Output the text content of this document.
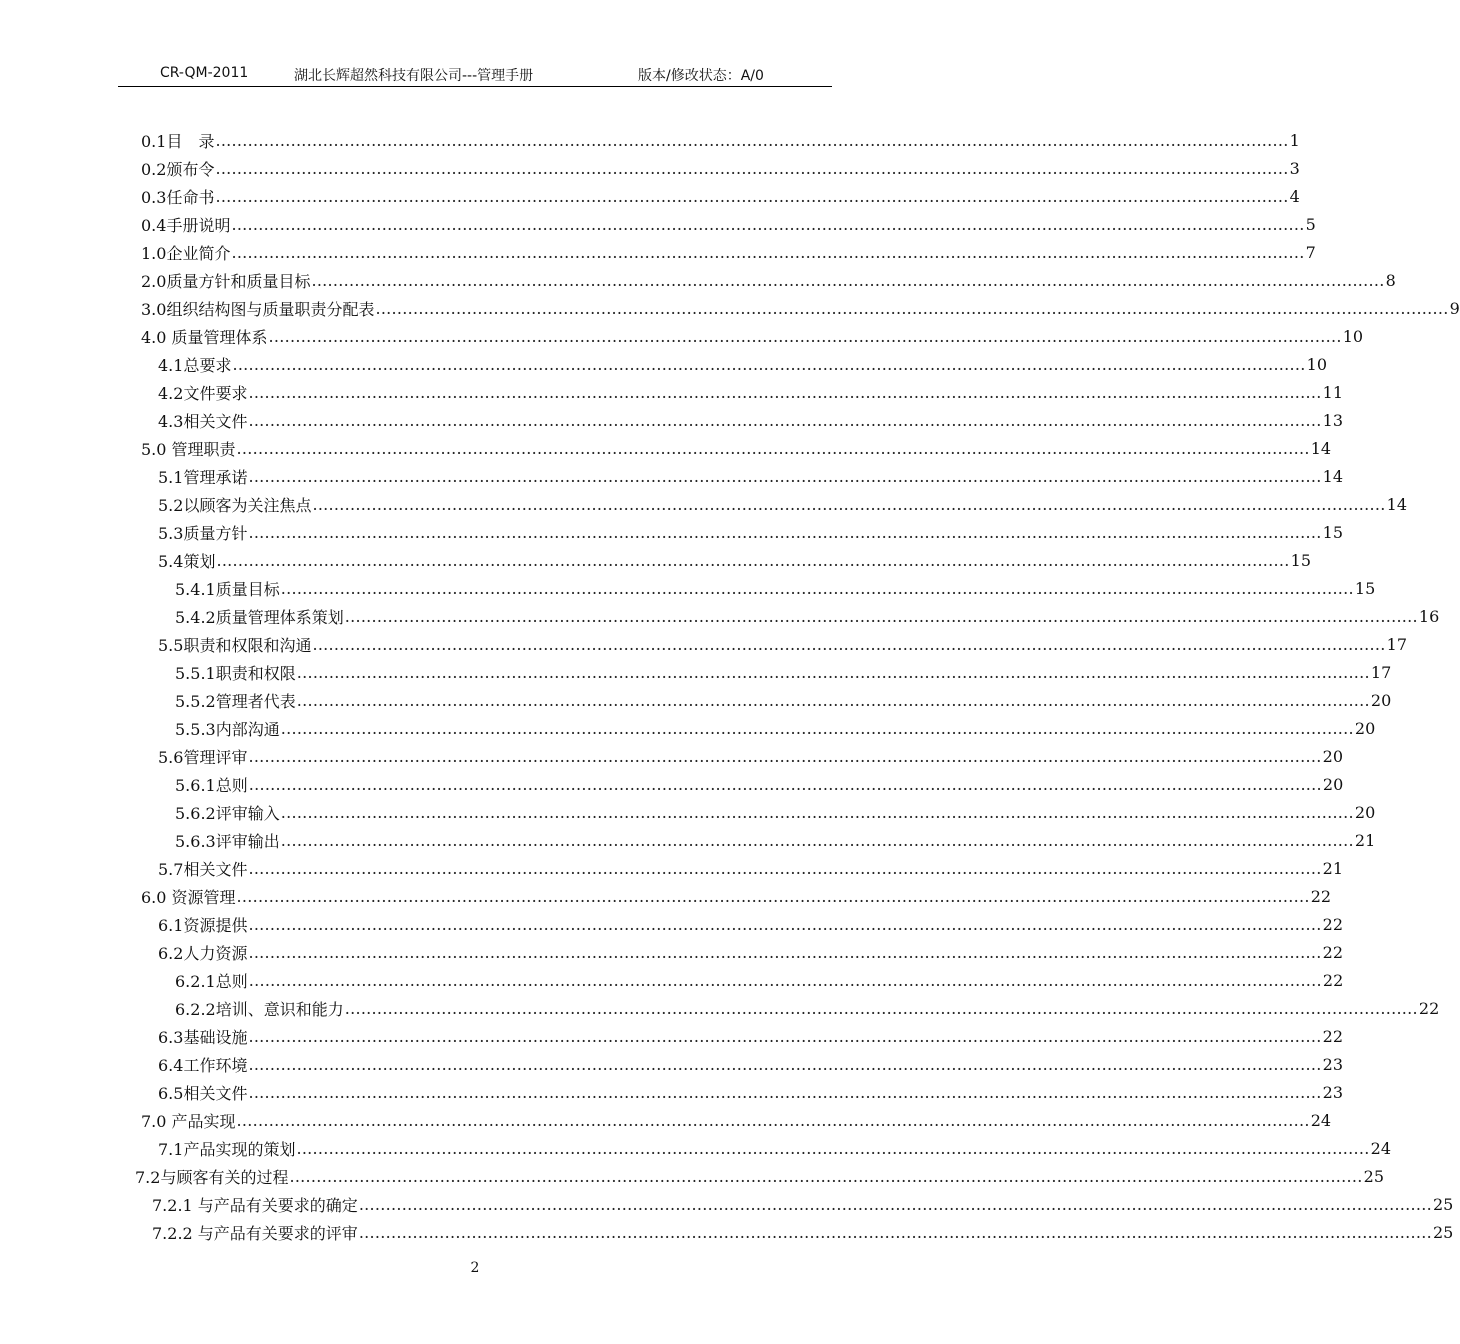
CR-QM-2011	湖北长辉超然科技有限公司---管理手册	版本/修改状态：A/0
0.1目　录 ........................................................................................................................................................................................................ 1
0.2颁布令 ........................................................................................................................................................................................................ 3
0.3任命书 ........................................................................................................................................................................................................ 4
0.4手册说明 ........................................................................................................................................................................................................ 5
1.0企业简介 ........................................................................................................................................................................................................ 7
2.0质量方针和质量目标 ........................................................................................................................................................................................................ 8
3.0组织结构图与质量职责分配表 ........................................................................................................................................................................................................ 9
4.0 质量管理体系 ........................................................................................................................................................................................................ 10
4.1总要求 ........................................................................................................................................................................................................ 10
4.2文件要求 ........................................................................................................................................................................................................ 11
4.3相关文件 ........................................................................................................................................................................................................ 13
5.0 管理职责 ........................................................................................................................................................................................................ 14
5.1管理承诺 ........................................................................................................................................................................................................ 14
5.2以顾客为关注焦点 ........................................................................................................................................................................................................ 14
5.3质量方针 ........................................................................................................................................................................................................ 15
5.4策划 ........................................................................................................................................................................................................ 15
5.4.1质量目标 ........................................................................................................................................................................................................ 15
5.4.2质量管理体系策划 ........................................................................................................................................................................................................ 16
5.5职责和权限和沟通 ........................................................................................................................................................................................................ 17
5.5.1职责和权限 ........................................................................................................................................................................................................ 17
5.5.2管理者代表 ........................................................................................................................................................................................................ 20
5.5.3内部沟通 ........................................................................................................................................................................................................ 20
5.6管理评审 ........................................................................................................................................................................................................ 20
5.6.1总则 ........................................................................................................................................................................................................ 20
5.6.2评审输入 ........................................................................................................................................................................................................ 20
5.6.3评审输出 ........................................................................................................................................................................................................ 21
5.7相关文件 ........................................................................................................................................................................................................ 21
6.0 资源管理 ........................................................................................................................................................................................................ 22
6.1资源提供 ........................................................................................................................................................................................................ 22
6.2人力资源 ........................................................................................................................................................................................................ 22
6.2.1总则 ........................................................................................................................................................................................................ 22
6.2.2培训、意识和能力 ........................................................................................................................................................................................................ 22
6.3基础设施 ........................................................................................................................................................................................................ 22
6.4工作环境 ........................................................................................................................................................................................................ 23
6.5相关文件 ........................................................................................................................................................................................................ 23
7.0 产品实现 ........................................................................................................................................................................................................ 24
7.1产品实现的策划 ........................................................................................................................................................................................................ 24
7.2与顾客有关的过程 ........................................................................................................................................................................................................ 25
7.2.1 与产品有关要求的确定 ........................................................................................................................................................................................................ 25
7.2.2 与产品有关要求的评审 ........................................................................................................................................................................................................ 25
2
